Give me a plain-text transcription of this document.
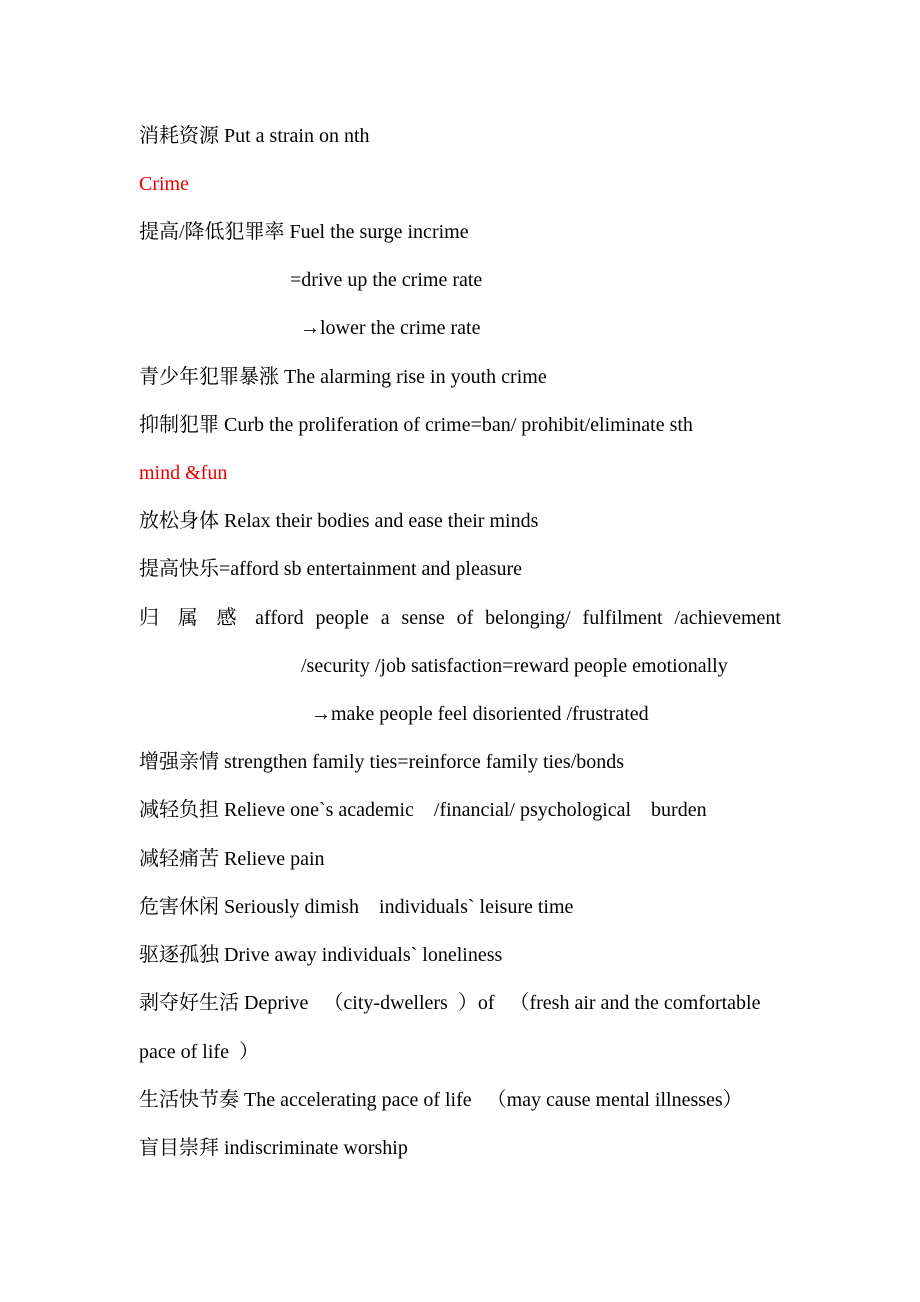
消耗资源 Put a strain on nth
Crime
提高/降低犯罪率 Fuel the surge incrime
=drive up the crime rate
→lower the crime rate
青少年犯罪暴涨 The alarming rise in youth crime
抑制犯罪 Curb the proliferation of crime=ban/ prohibit/eliminate sth
mind &fun
放松身体 Relax their bodies and ease their minds
提高快乐=afford sb entertainment and pleasure
归 属 感 afford people a sense of belonging/ fulfilment /achievement
/security /job satisfaction=reward people emotionally
→make people feel disoriented /frustrated
增强亲情 strengthen family ties=reinforce family ties/bonds
减轻负担 Relieve one`s academic    /financial/ psychological    burden
减轻痛苦 Relieve pain
危害休闲 Seriously dimish    individuals` leisure time
驱逐孤独 Drive away individuals` loneliness
剥夺好生活 Deprive   （city-dwellers  ）of   （fresh air and the comfortable
pace of life  ）
生活快节奏 The accelerating pace of life   （may cause mental illnesses）
盲目崇拜 indiscriminate worship
